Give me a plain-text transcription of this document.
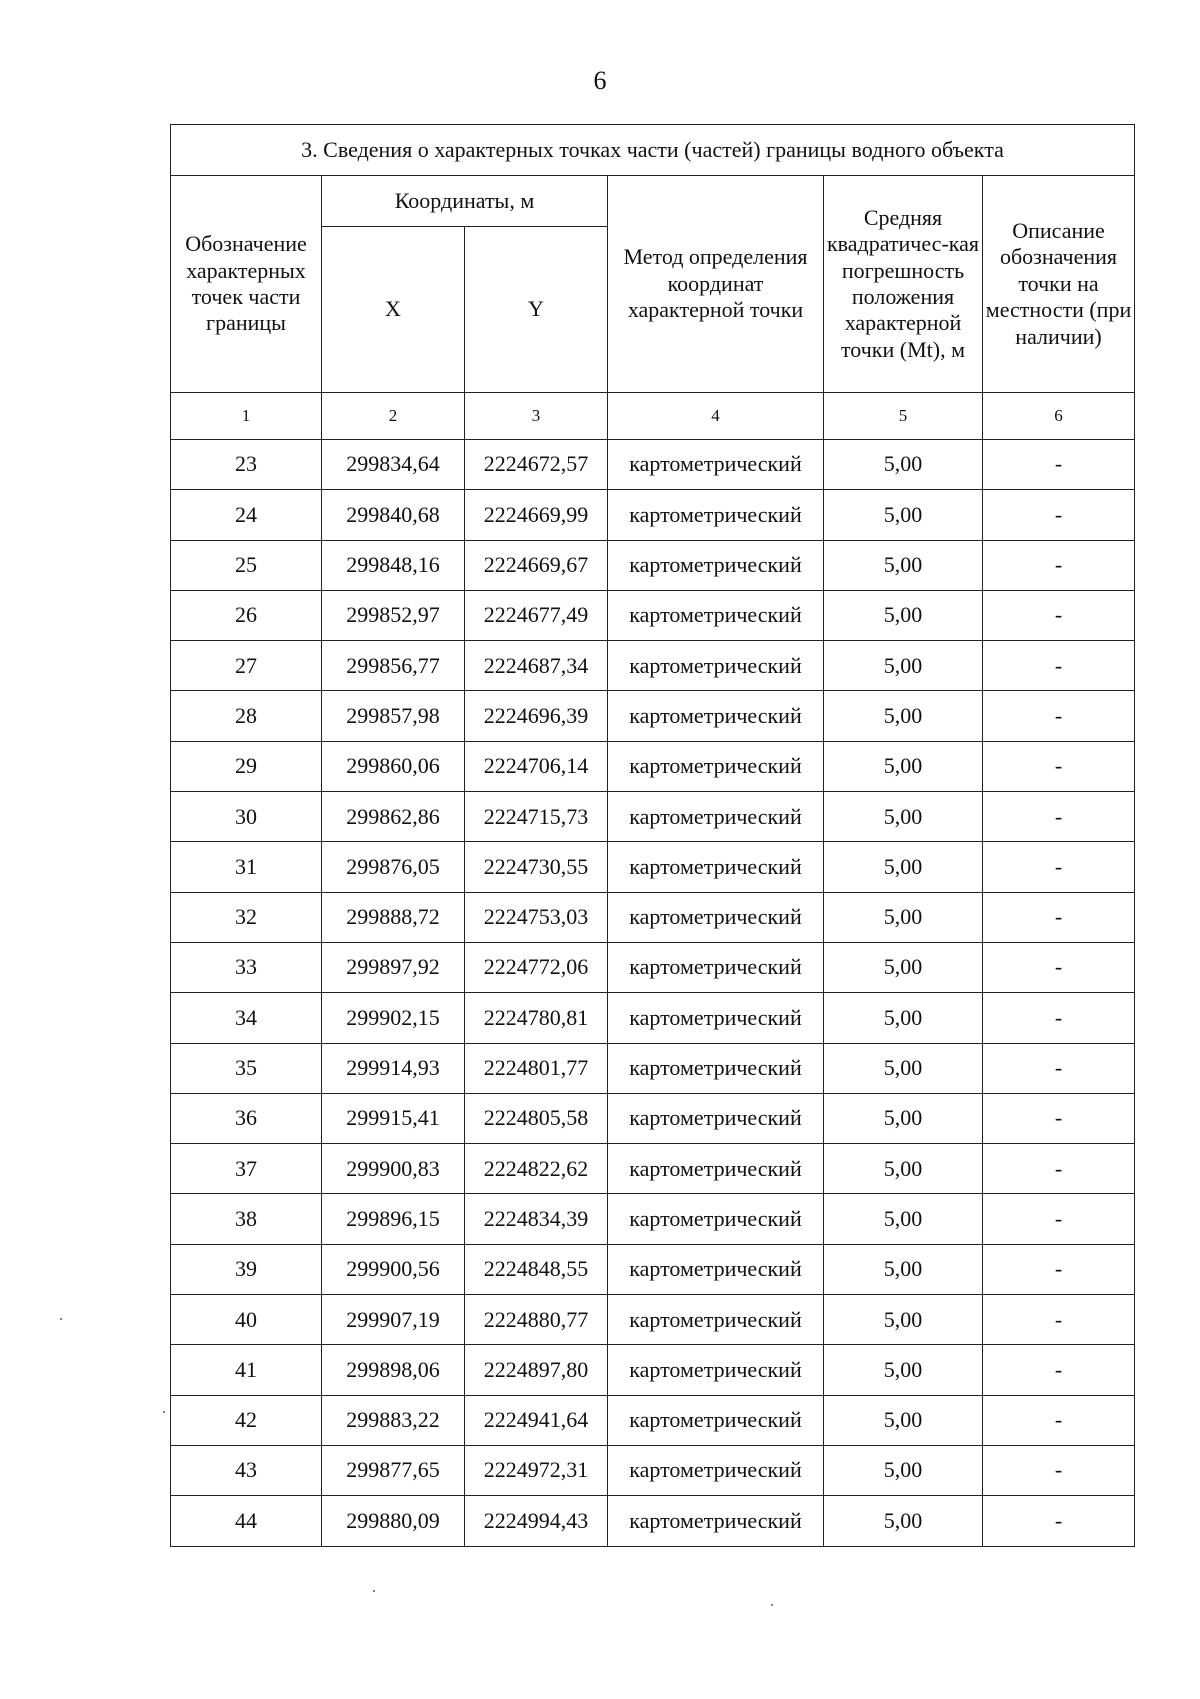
6
3. Сведения о характерных точках части (частей) границы водного объекта					
Обозначение характерных точек части границы	Координаты, м		Метод определения координат характерной точки	Средняя квадратичес-кая погрешность положения характерной точки (Mt), м	Описание обозначения точки на местности (при наличии)
	X	Y			
1	2	3	4	5	6
23	299834,64	2224672,57	картометрический	5,00	-
24	299840,68	2224669,99	картометрический	5,00	-
25	299848,16	2224669,67	картометрический	5,00	-
26	299852,97	2224677,49	картометрический	5,00	-
27	299856,77	2224687,34	картометрический	5,00	-
28	299857,98	2224696,39	картометрический	5,00	-
29	299860,06	2224706,14	картометрический	5,00	-
30	299862,86	2224715,73	картометрический	5,00	-
31	299876,05	2224730,55	картометрический	5,00	-
32	299888,72	2224753,03	картометрический	5,00	-
33	299897,92	2224772,06	картометрический	5,00	-
34	299902,15	2224780,81	картометрический	5,00	-
35	299914,93	2224801,77	картометрический	5,00	-
36	299915,41	2224805,58	картометрический	5,00	-
37	299900,83	2224822,62	картометрический	5,00	-
38	299896,15	2224834,39	картометрический	5,00	-
39	299900,56	2224848,55	картометрический	5,00	-
40	299907,19	2224880,77	картометрический	5,00	-
41	299898,06	2224897,80	картометрический	5,00	-
42	299883,22	2224941,64	картометрический	5,00	-
43	299877,65	2224972,31	картометрический	5,00	-
44	299880,09	2224994,43	картометрический	5,00	-
